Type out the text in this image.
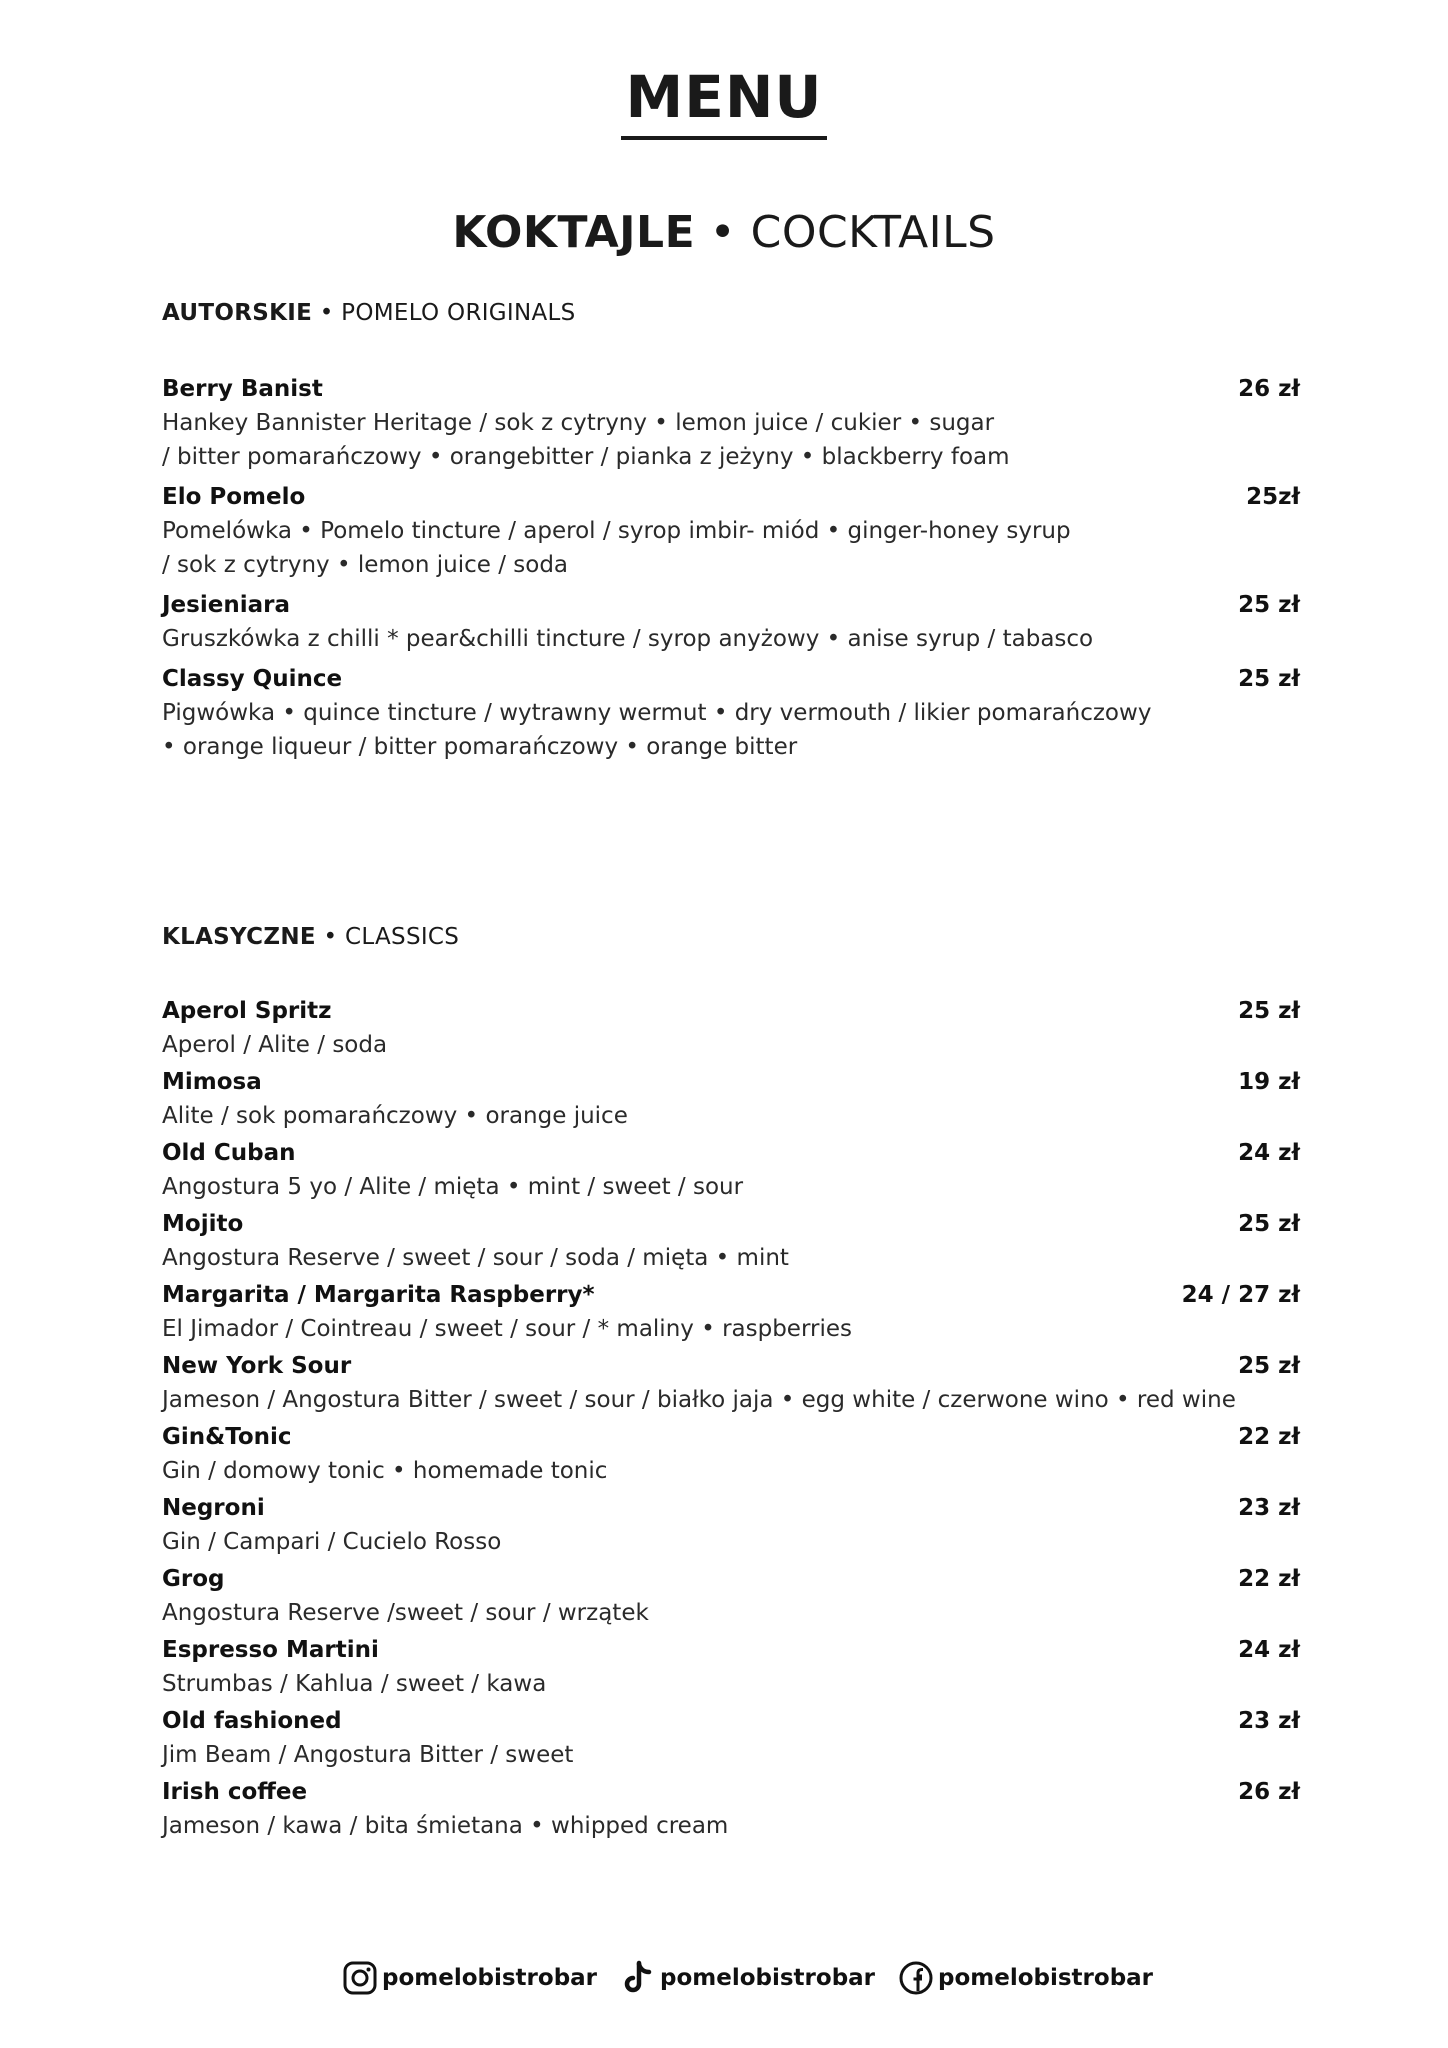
MENU
KOKTAJLE • COCKTAILS
AUTORSKIE • POMELO ORIGINALS
Berry Banist	26 zł
Hankey Bannister Heritage / sok z cytryny • lemon juice / cukier • sugar
/ bitter pomarańczowy • orangebitter / pianka z jeżyny • blackberry foam
Elo Pomelo	25zł
Pomelówka • Pomelo tincture / aperol / syrop imbir- miód • ginger-honey syrup
/ sok z cytryny • lemon juice / soda
Jesieniara	25 zł
Gruszkówka z chilli * pear&chilli tincture / syrop anyżowy • anise syrup / tabasco
Classy Quince	25 zł
Pigwówka • quince tincture / wytrawny wermut • dry vermouth / likier pomarańczowy
• orange liqueur / bitter pomarańczowy • orange bitter
KLASYCZNE • CLASSICS
Aperol Spritz	25 zł
Aperol / Alite / soda
Mimosa	19 zł
Alite / sok pomarańczowy • orange juice
Old Cuban	24 zł
Angostura 5 yo / Alite / mięta • mint / sweet / sour
Mojito	25 zł
Angostura Reserve / sweet / sour / soda / mięta • mint
Margarita / Margarita Raspberry*	24 / 27 zł
El Jimador / Cointreau / sweet / sour / * maliny • raspberries
New York Sour	25 zł
Jameson / Angostura Bitter / sweet / sour / białko jaja • egg white / czerwone wino • red wine
Gin&Tonic	22 zł
Gin / domowy tonic • homemade tonic
Negroni	23 zł
Gin / Campari / Cucielo Rosso
Grog	22 zł
Angostura Reserve /sweet / sour / wrzątek
Espresso Martini	24 zł
Strumbas / Kahlua / sweet / kawa
Old fashioned	23 zł
Jim Beam / Angostura Bitter / sweet
Irish coffee	26 zł
Jameson / kawa / bita śmietana • whipped cream
pomelobistrobar	pomelobistrobar	pomelobistrobar
